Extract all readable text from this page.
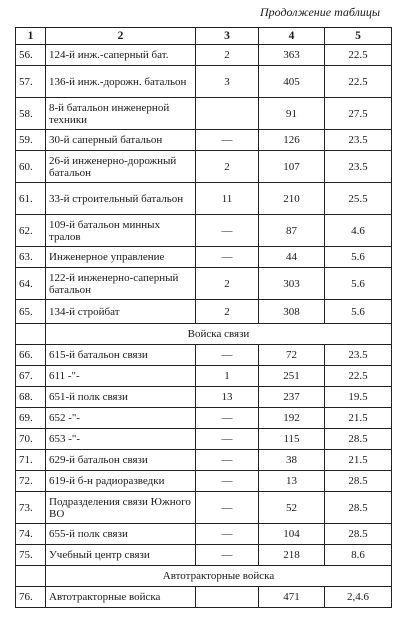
Продолжение таблицы
1	2	3	4	5
56.	124-й инж.-саперный бат.	2	363	22.5
57.	136-й инж.-дорожн. батальон	3	405	22.5
58.	8-й батальон инженерной техники		91	27.5
59.	30-й саперный батальон	—	126	23.5
60.	26-й инженерно-дорожный батальон	2	107	23.5
61.	33-й строительный батальон	11	210	25.5
62.	109-й батальон минных тралов	—	87	4.6
63.	Инженерное управление	—	44	5.6
64.	122-й инженерно-саперный батальон	2	303	5.6
65.	134-й стройбат	2	308	5.6
	Войска связи			
66.	615-й батальон связи	—	72	23.5
67.	611 -"-	1	251	22.5
68.	651-й полк связи	13	237	19.5
69.	652 -"-	—	192	21.5
70.	653 -"-	—	115	28.5
71.	629-й батальон связи	—	38	21.5
72.	619-й б-н радиоразведки	—	13	28.5
73.	Подразделения связи Южного ВО	—	52	28.5
74.	655-й полк связи	—	104	28.5
75.	Учебный центр связи	—	218	8.6
	Автотракторные войска			
76.	Автотракторные войска		471	2,4.6
